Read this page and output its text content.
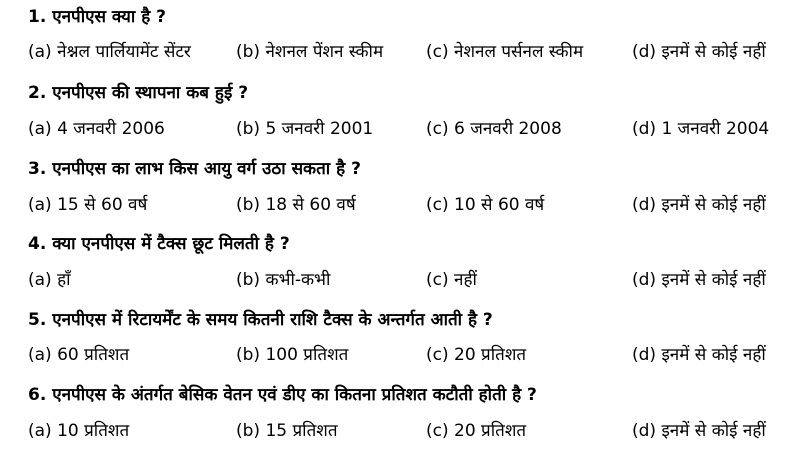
1. एनपीएस क्या है ?
(a) नेश्नल पार्लियामेंट सेंटर	(b) नेशनल पेंशन स्कीम	(c) नेशनल पर्सनल स्कीम	(d) इनमें से कोई नहीं
2. एनपीएस की स्थापना कब हुई ?
(a) 4 जनवरी 2006	(b) 5 जनवरी 2001	(c) 6 जनवरी 2008	(d) 1 जनवरी 2004
3. एनपीएस का लाभ किस आयु वर्ग उठा सकता है ?
(a) 15 से 60 वर्ष	(b) 18 से 60 वर्ष	(c) 10 से 60 वर्ष	(d) इनमें से कोई नहीं
4. क्या एनपीएस में टैक्स छूट मिलती है ?
(a) हाँ	(b) कभी-कभी	(c) नहीं	(d) इनमें से कोई नहीं
5. एनपीएस में रिटायर्मेंट के समय कितनी राशि टैक्स के अन्तर्गत आती है ?
(a) 60 प्रतिशत	(b) 100 प्रतिशत	(c) 20 प्रतिशत	(d) इनमें से कोई नहीं
6. एनपीएस के अंतर्गत बेसिक वेतन एवं डीए का कितना प्रतिशत कटौती होती है ?
(a) 10 प्रतिशत	(b) 15 प्रतिशत	(c) 20 प्रतिशत	(d) इनमें से कोई नहीं
